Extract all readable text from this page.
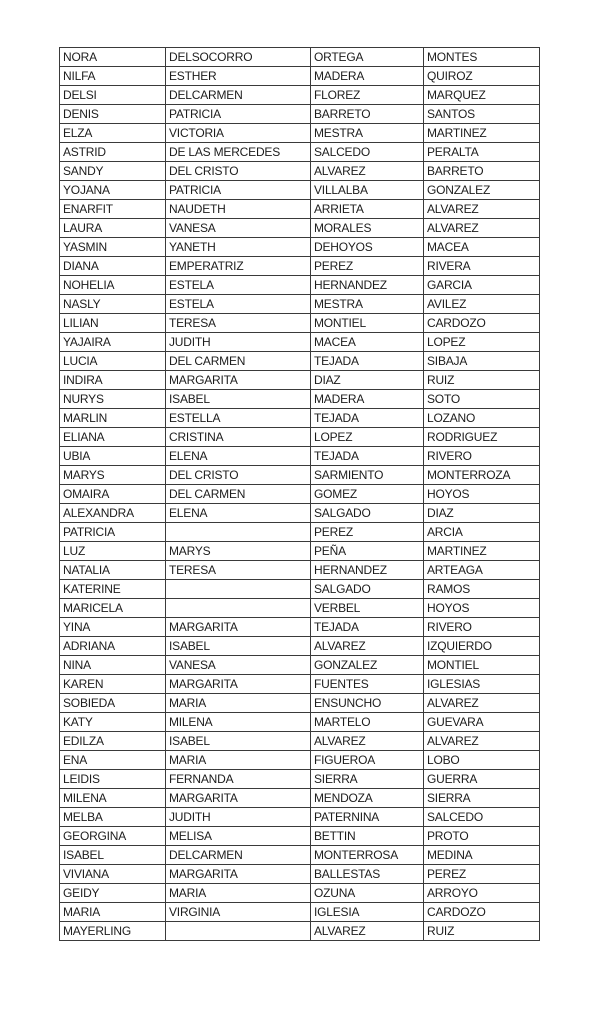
NORA	DELSOCORRO	ORTEGA	MONTES
NILFA	ESTHER	MADERA	QUIROZ
DELSI	DELCARMEN	FLOREZ	MARQUEZ
DENIS	PATRICIA	BARRETO	SANTOS
ELZA	VICTORIA	MESTRA	MARTINEZ
ASTRID	DE LAS MERCEDES	SALCEDO	PERALTA
SANDY	DEL CRISTO	ALVAREZ	BARRETO
YOJANA	PATRICIA	VILLALBA	GONZALEZ
ENARFIT	NAUDETH	ARRIETA	ALVAREZ
LAURA	VANESA	MORALES	ALVAREZ
YASMIN	YANETH	DEHOYOS	MACEA
DIANA	EMPERATRIZ	PEREZ	RIVERA
NOHELIA	ESTELA	HERNANDEZ	GARCIA
NASLY	ESTELA	MESTRA	AVILEZ
LILIAN	TERESA	MONTIEL	CARDOZO
YAJAIRA	JUDITH	MACEA	LOPEZ
LUCIA	DEL CARMEN	TEJADA	SIBAJA
INDIRA	MARGARITA	DIAZ	RUIZ
NURYS	ISABEL	MADERA	SOTO
MARLIN	ESTELLA	TEJADA	LOZANO
ELIANA	CRISTINA	LOPEZ	RODRIGUEZ
UBIA	ELENA	TEJADA	RIVERO
MARYS	DEL CRISTO	SARMIENTO	MONTERROZA
OMAIRA	DEL CARMEN	GOMEZ	HOYOS
ALEXANDRA	ELENA	SALGADO	DIAZ
PATRICIA		PEREZ	ARCIA
LUZ	MARYS	PEÑA	MARTINEZ
NATALIA	TERESA	HERNANDEZ	ARTEAGA
KATERINE		SALGADO	RAMOS
MARICELA		VERBEL	HOYOS
YINA	MARGARITA	TEJADA	RIVERO
ADRIANA	ISABEL	ALVAREZ	IZQUIERDO
NINA	VANESA	GONZALEZ	MONTIEL
KAREN	MARGARITA	FUENTES	IGLESIAS
SOBIEDA	MARIA	ENSUNCHO	ALVAREZ
KATY	MILENA	MARTELO	GUEVARA
EDILZA	ISABEL	ALVAREZ	ALVAREZ
ENA	MARIA	FIGUEROA	LOBO
LEIDIS	FERNANDA	SIERRA	GUERRA
MILENA	MARGARITA	MENDOZA	SIERRA
MELBA	JUDITH	PATERNINA	SALCEDO
GEORGINA	MELISA	BETTIN	PROTO
ISABEL	DELCARMEN	MONTERROSA	MEDINA
VIVIANA	MARGARITA	BALLESTAS	PEREZ
GEIDY	MARIA	OZUNA	ARROYO
MARIA	VIRGINIA	IGLESIA	CARDOZO
MAYERLING		ALVAREZ	RUIZ
